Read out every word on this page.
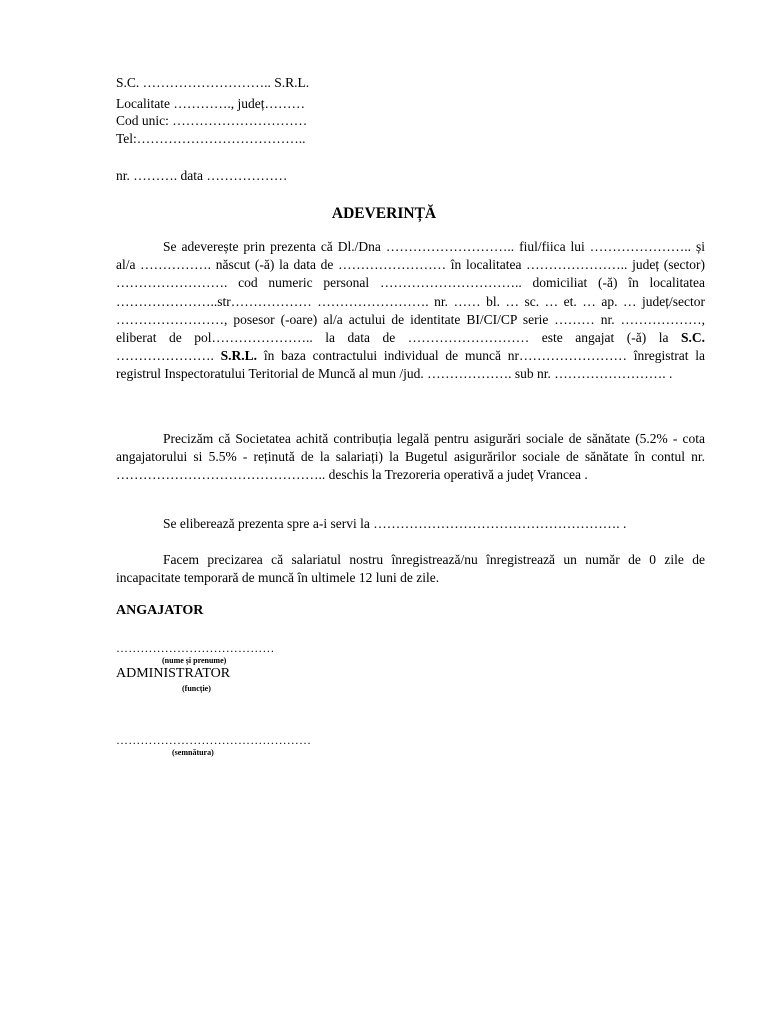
S.C. ……………………….. S.R.L.
Localitate …………., județ………
Cod unic: …………………………
Tel:………………………………..
nr. ………. data ………………
ADEVERINȚĂ
Se adeverește prin prezenta că Dl./Dna ……………………….. fiul/fiica lui ………………….. și al/a ……………. născut (-ă) la data de …………………… în localitatea ………………….. județ (sector) ……………………. cod numeric personal ………………………….. domiciliat (-ă) în localitatea …………………..str……………… ……………………. nr. …… bl. … sc. … et. … ap. … județ/sector ……………………, posesor (-oare) al/a actului de identitate BI/CI/CP serie ……… nr. ………………, eliberat de pol………………….. la data de ……………………… este angajat (-ă) la S.C. …………………. S.R.L. în baza contractului individual de muncă nr…………………… înregistrat la registrul Inspectoratului Teritorial de Muncă al mun /jud. ………………. sub nr. ……………………. .
Precizăm că Societatea achită contribuția legală pentru asigurări sociale de sănătate (5.2% - cota angajatorului si 5.5% - reținută de la salariați) la Bugetul asigurărilor sociale de sănătate în contul nr. ……………………………………….. deschis la Trezoreria operativă a județ Vrancea .
Se eliberează prezenta spre a-i servi la ………………………………………………. .
Facem precizarea că salariatul nostru înregistrează/nu înregistrează un număr de 0 zile de incapacitate temporară de muncă în ultimele 12 luni de zile.
ANGAJATOR
…………………………………
(nume și prenume)
ADMINISTRATOR
(funcție)
…………………………………………
(semnătura)
